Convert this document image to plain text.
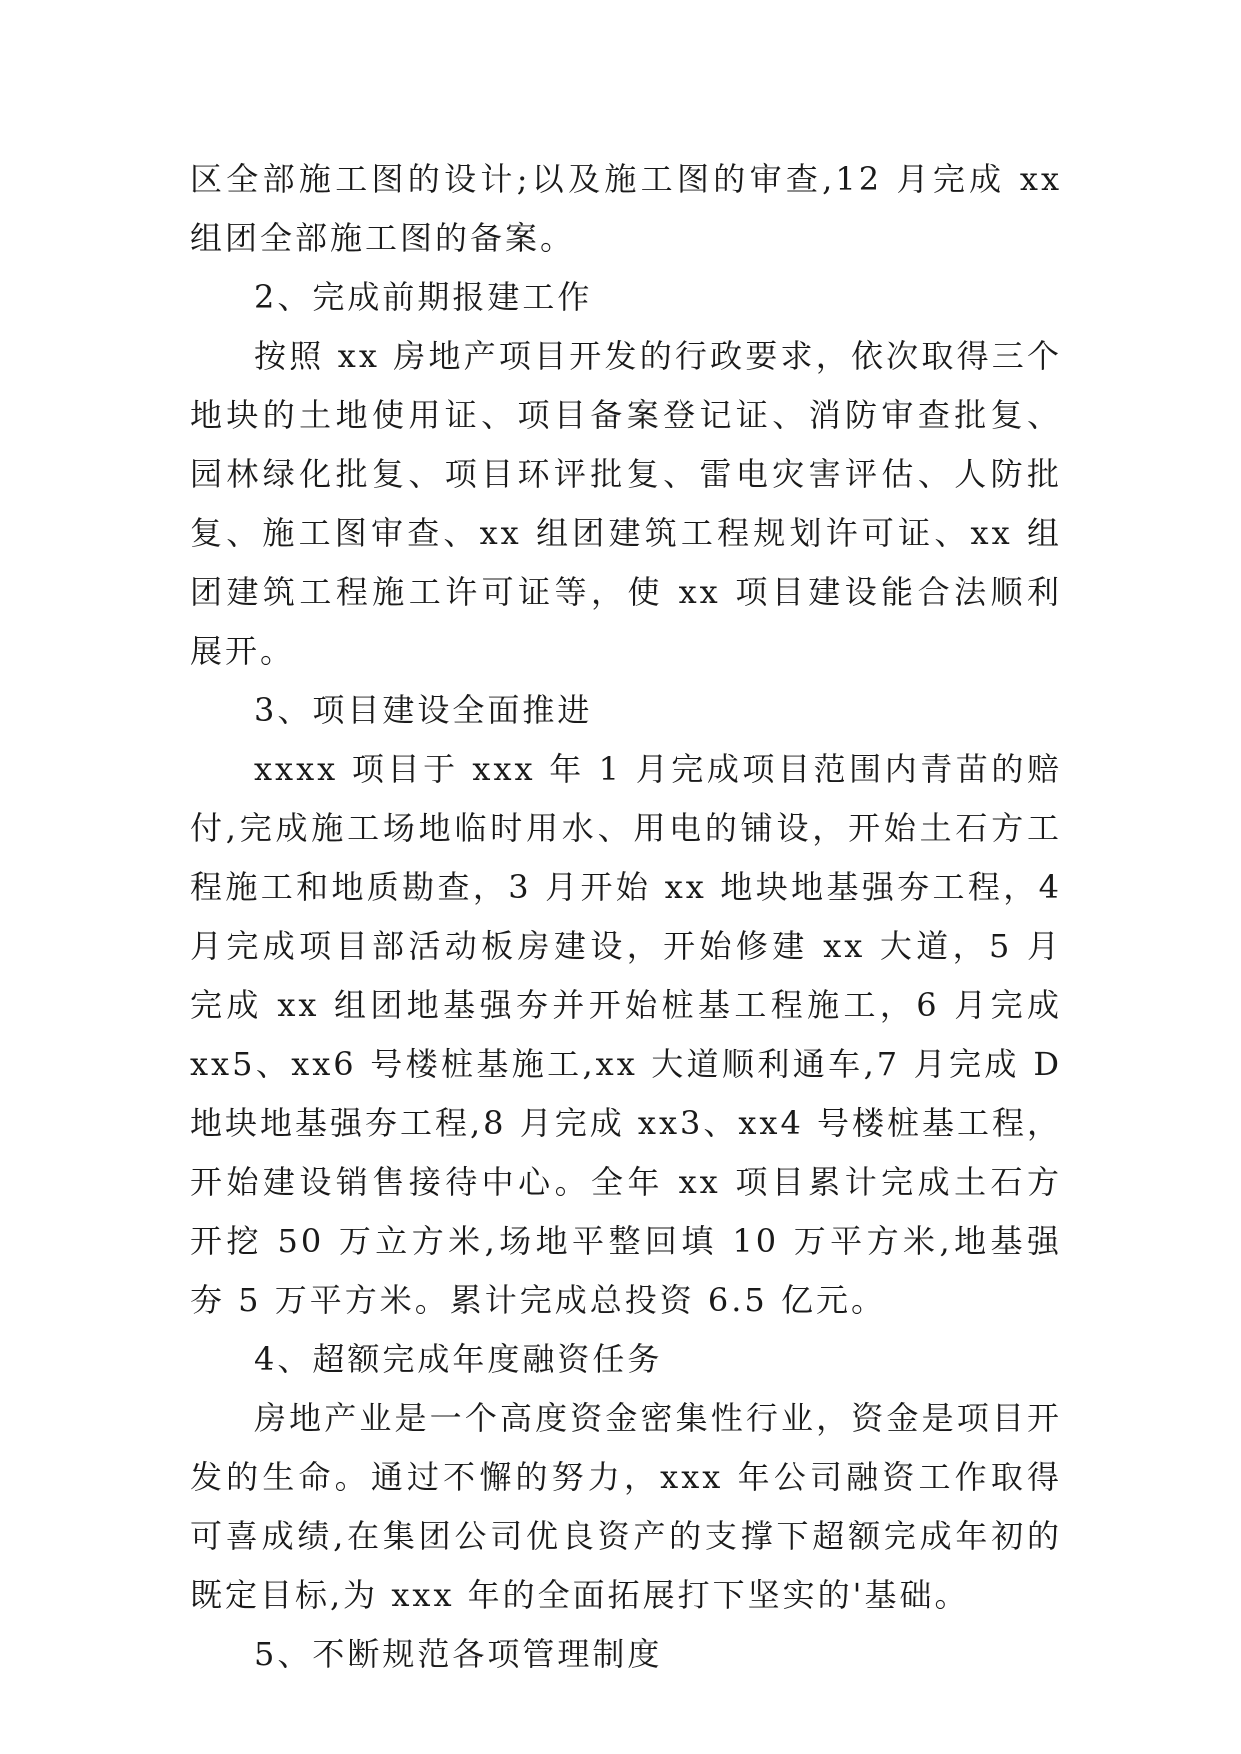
区全部施工图的设计;以及施工图的审查,12 月完成 xx 组团全部施工图的备案。

2、完成前期报建工作

按照 xx 房地产项目开发的行政要求，依次取得三个地块的土地使用证、项目备案登记证、消防审查批复、园林绿化批复、项目环评批复、雷电灾害评估、人防批复、施工图审查、xx 组团建筑工程规划许可证、xx 组团建筑工程施工许可证等，使 xx 项目建设能合法顺利展开。

3、项目建设全面推进

xxxx 项目于 xxx 年 1 月完成项目范围内青苗的赔付,完成施工场地临时用水、用电的铺设，开始土石方工程施工和地质勘查，3 月开始 xx 地块地基强夯工程，4 月完成项目部活动板房建设，开始修建 xx 大道，5 月完成 xx 组团地基强夯并开始桩基工程施工，6 月完成 xx5、xx6 号楼桩基施工,xx 大道顺利通车,7 月完成 D 地块地基强夯工程,8 月完成 xx3、xx4 号楼桩基工程，开始建设销售接待中心。全年 xx 项目累计完成土石方开挖 50 万立方米,场地平整回填 10 万平方米,地基强夯 5 万平方米。累计完成总投资 6.5 亿元。

4、超额完成年度融资任务

房地产业是一个高度资金密集性行业，资金是项目开发的生命。通过不懈的努力，xxx 年公司融资工作取得可喜成绩,在集团公司优良资产的支撑下超额完成年初的既定目标,为 xxx 年的全面拓展打下坚实的'基础。

5、不断规范各项管理制度
